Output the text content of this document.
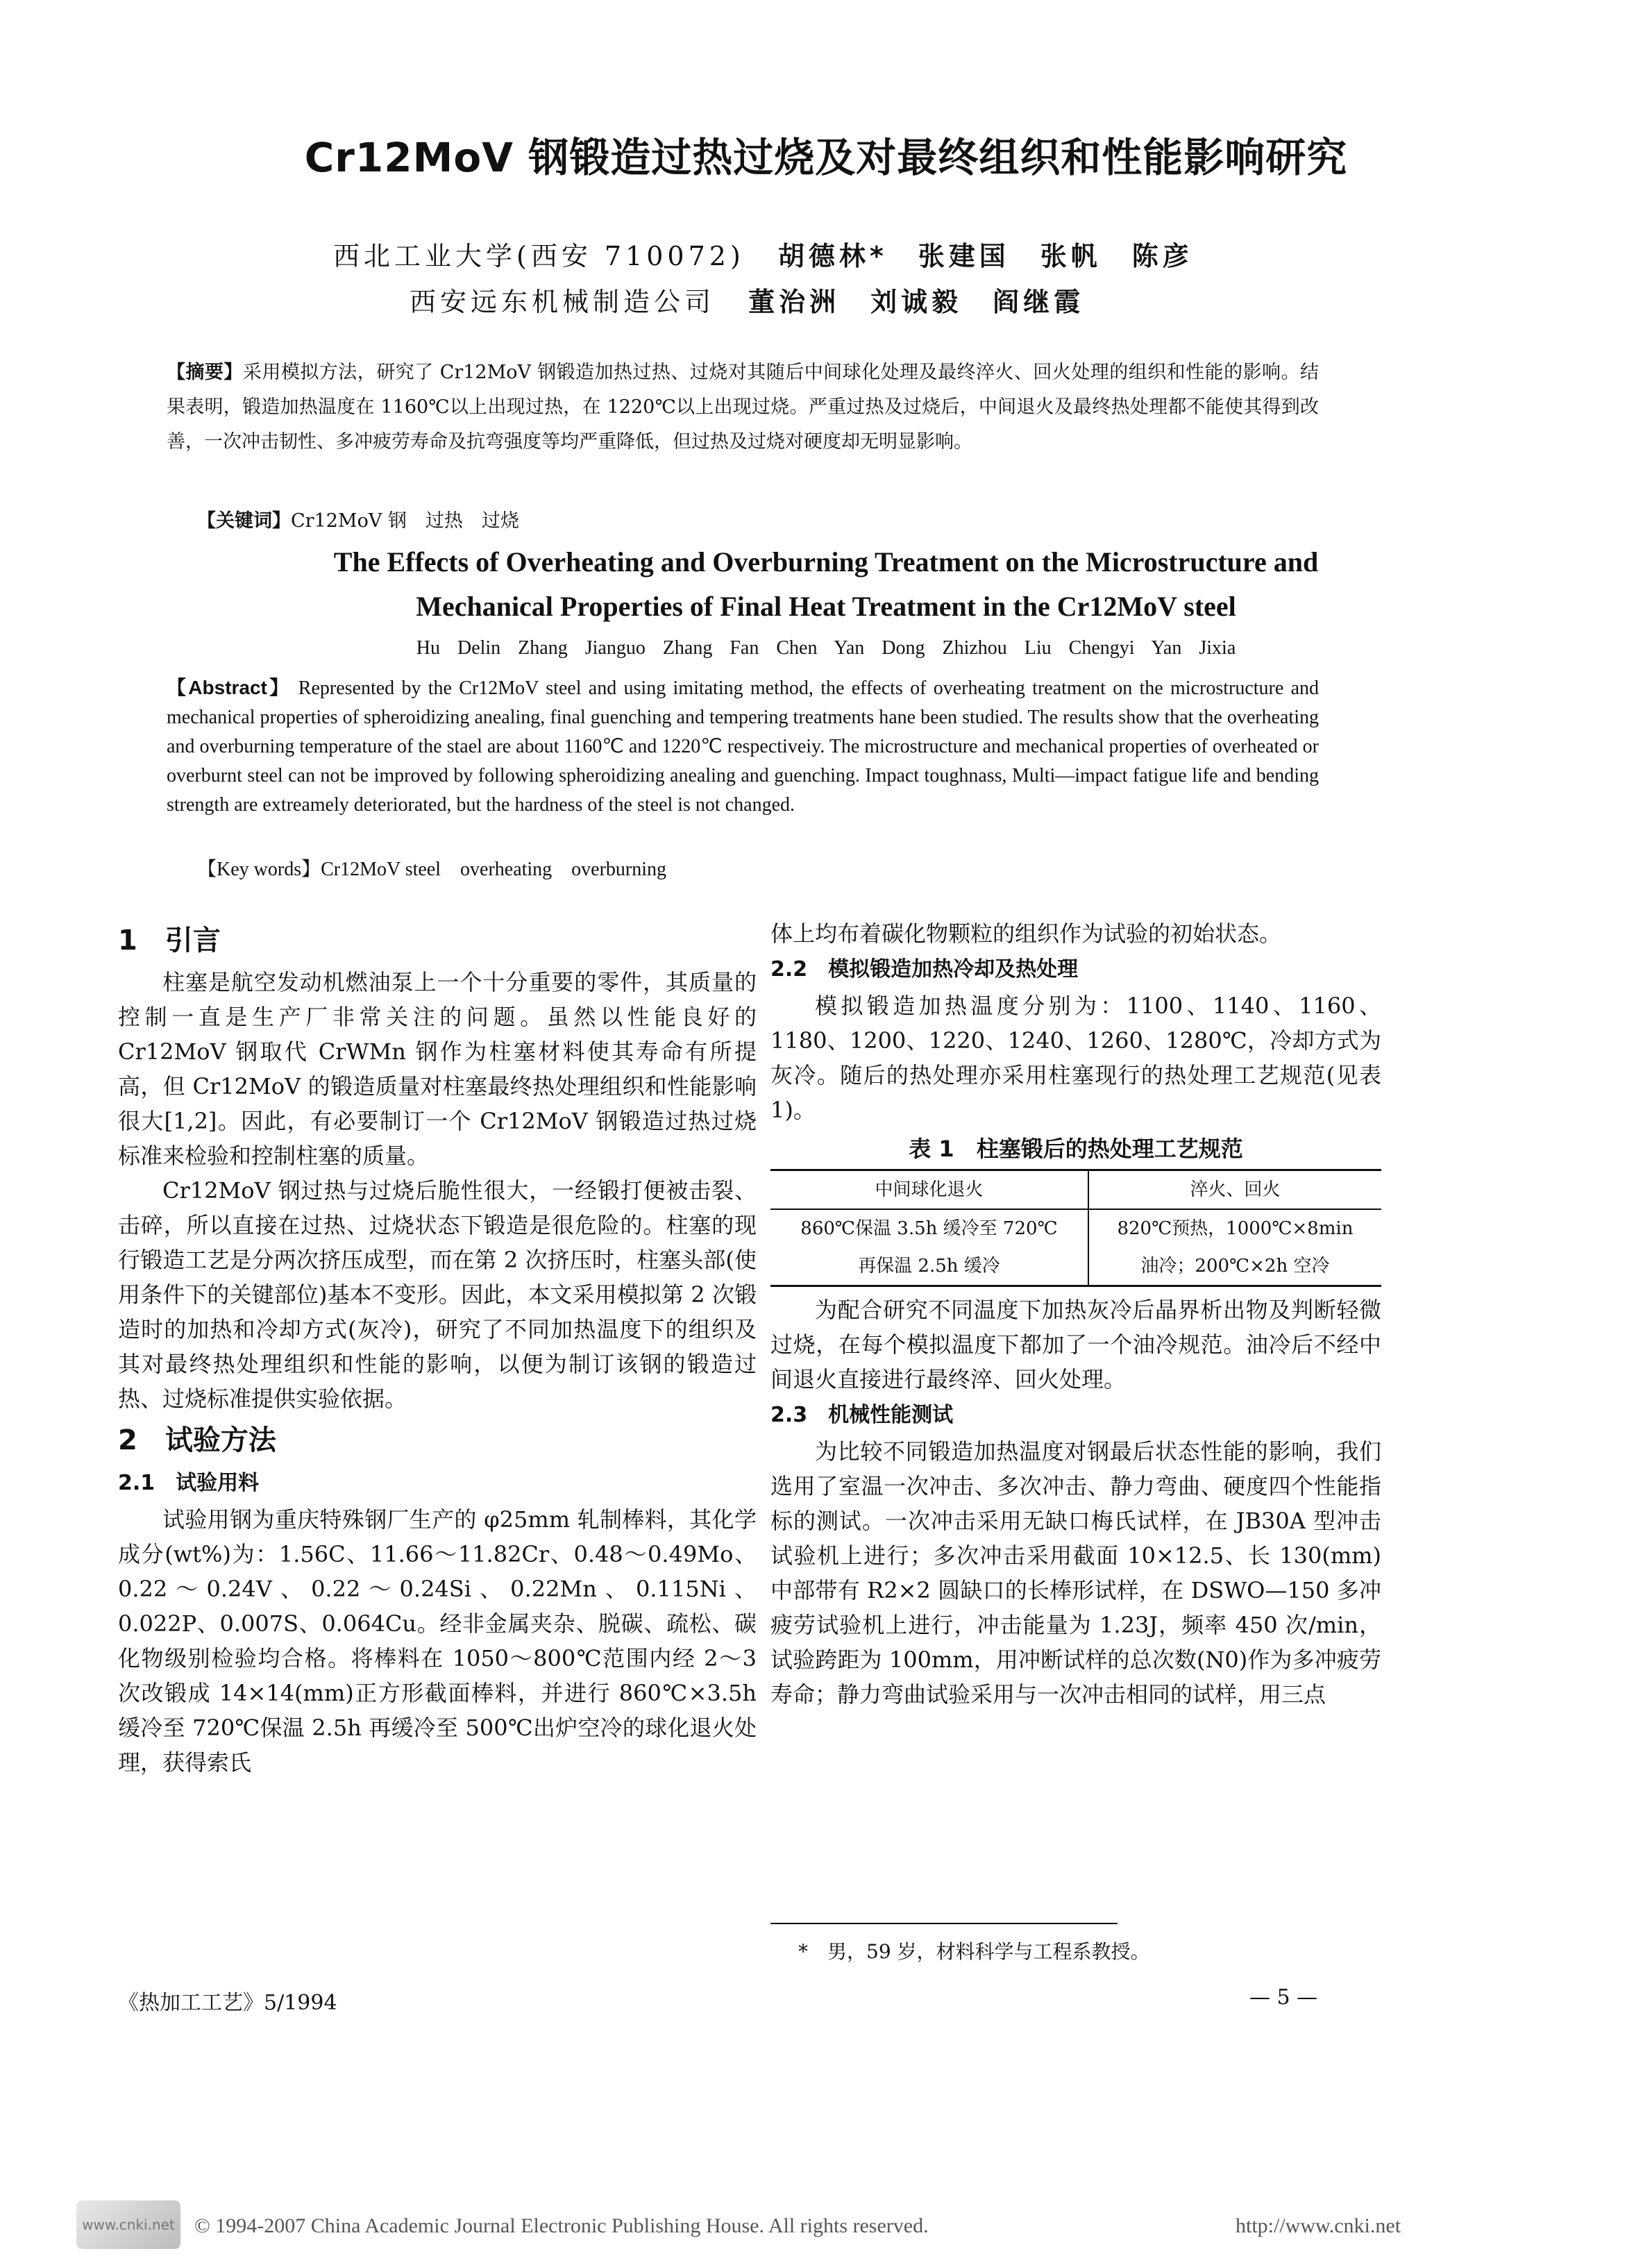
Cr12MoV 钢锻造过热过烧及对最终组织和性能影响研究
西北工业大学(西安 710072) 胡德林*　张建国　张帆　陈彦
西安远东机械制造公司 董治洲　刘诚毅　阎继霞
【摘要】采用模拟方法，研究了 Cr12MoV 钢锻造加热过热、过烧对其随后中间球化处理及最终淬火、回火处理的组织和性能的影响。结果表明，锻造加热温度在 1160℃以上出现过热，在 1220℃以上出现过烧。严重过热及过烧后，中间退火及最终热处理都不能使其得到改善，一次冲击韧性、多冲疲劳寿命及抗弯强度等均严重降低，但过热及过烧对硬度却无明显影响。
【关键词】Cr12MoV 钢　过热　过烧
The Effects of Overheating and Overburning Treatment on the Microstructure and
Mechanical Properties of Final Heat Treatment in the Cr12MoV steel
Hu Delin Zhang Jianguo Zhang Fan Chen Yan Dong Zhizhou Liu Chengyi Yan Jixia
【Abstract】 Represented by the Cr12MoV steel and using imitating method, the effects of overheating treatment on the microstructure and mechanical properties of spheroidizing anealing, final guenching and tempering treatments hane been studied. The results show that the overheating and overburning temperature of the stael are about 1160℃ and 1220℃ respectiveiy. The microstructure and mechanical properties of overheated or overburnt steel can not be improved by following spheroidizing anealing and guenching. Impact toughnass, Multi—impact fatigue life and bending strength are extreamely deteriorated, but the hardness of the steel is not changed.
【Key words】Cr12MoV steel　overheating　overburning
1　引言

柱塞是航空发动机燃油泵上一个十分重要的零件，其质量的控制一直是生产厂非常关注的问题。虽然以性能良好的 Cr12MoV 钢取代 CrWMn 钢作为柱塞材料使其寿命有所提高，但 Cr12MoV 的锻造质量对柱塞最终热处理组织和性能影响很大[1,2]。因此，有必要制订一个 Cr12MoV 钢锻造过热过烧标准来检验和控制柱塞的质量。

Cr12MoV 钢过热与过烧后脆性很大，一经锻打便被击裂、击碎，所以直接在过热、过烧状态下锻造是很危险的。柱塞的现行锻造工艺是分两次挤压成型，而在第 2 次挤压时，柱塞头部(使用条件下的关键部位)基本不变形。因此，本文采用模拟第 2 次锻造时的加热和冷却方式(灰冷)，研究了不同加热温度下的组织及其对最终热处理组织和性能的影响，以便为制订该钢的锻造过热、过烧标准提供实验依据。

2　试验方法
2.1　试验用料

试验用钢为重庆特殊钢厂生产的 φ25mm 轧制棒料，其化学成分(wt%)为：1.56C、11.66～11.82Cr、0.48～0.49Mo、0.22～0.24V、0.22～0.24Si、0.22Mn、0.115Ni、0.022P、0.007S、0.064Cu。经非金属夹杂、脱碳、疏松、碳化物级别检验均合格。将棒料在 1050～800℃范围内经 2～3 次改锻成 14×14(mm)正方形截面棒料，并进行 860℃×3.5h 缓冷至 720℃保温 2.5h 再缓冷至 500℃出炉空冷的球化退火处理，获得索氏

体上均布着碳化物颗粒的组织作为试验的初始状态。

2.2　模拟锻造加热冷却及热处理

模拟锻造加热温度分别为：1100、1140、1160、1180、1200、1220、1240、1260、1280℃，冷却方式为灰冷。随后的热处理亦采用柱塞现行的热处理工艺规范(见表 1)。

表 1　柱塞锻后的热处理工艺规范
中间球化退火	淬火、回火
860℃保温 3.5h 缓冷至 720℃	820℃预热，1000℃×8min
再保温 2.5h 缓冷	油冷；200℃×2h 空冷

为配合研究不同温度下加热灰冷后晶界析出物及判断轻微过烧，在每个模拟温度下都加了一个油冷规范。油冷后不经中间退火直接进行最终淬、回火处理。

2.3　机械性能测试

为比较不同锻造加热温度对钢最后状态性能的影响，我们选用了室温一次冲击、多次冲击、静力弯曲、硬度四个性能指标的测试。一次冲击采用无缺口梅氏试样，在 JB30A 型冲击试验机上进行；多次冲击采用截面 10×12.5、长 130(mm)中部带有 R2×2 圆缺口的长棒形试样，在 DSWO—150 多冲疲劳试验机上进行，冲击能量为 1.23J，频率 450 次/min，试验跨距为 100mm，用冲断试样的总次数(N0)作为多冲疲劳寿命；静力弯曲试验采用与一次冲击相同的试样，用三点

*　男，59 岁，材料科学与工程系教授。
《热加工工艺》5/1994	— 5 —
www.cnki.net © 1994-2007 China Academic Journal Electronic Publishing House. All rights reserved.	http://www.cnki.net
